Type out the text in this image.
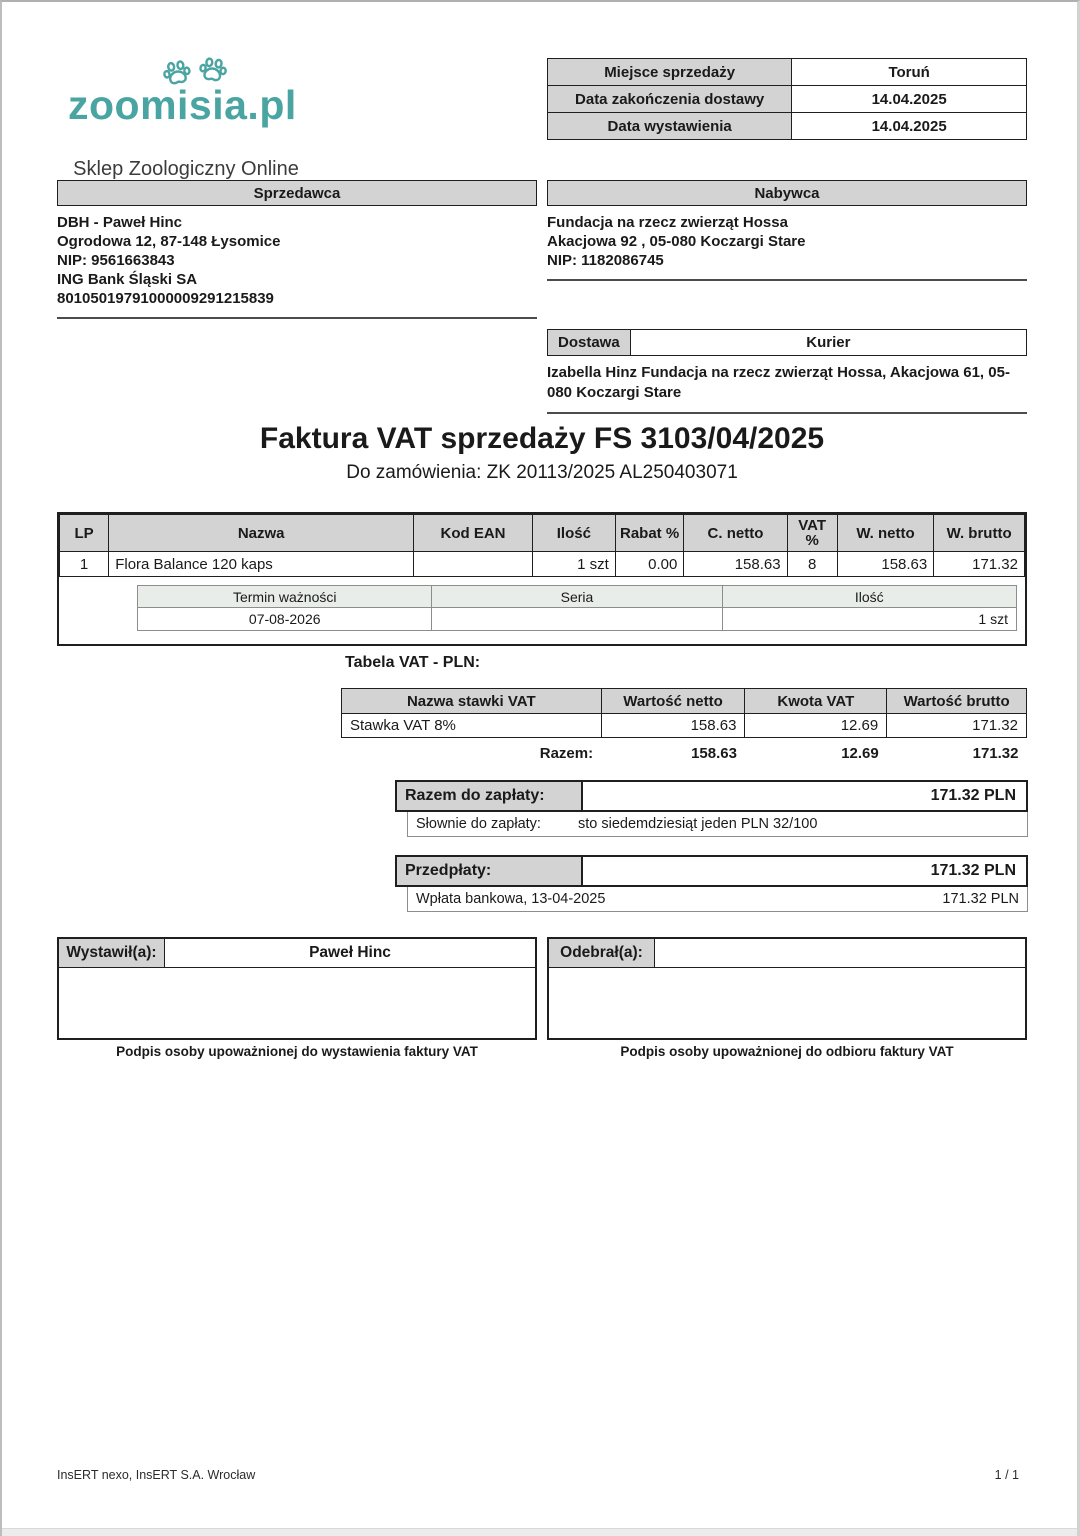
zoomisia.pl
Sklep Zoologiczny Online
Miejsce sprzedaży	Toruń
Data zakończenia dostawy	14.04.2025
Data wystawienia	14.04.2025
Sprzedawca
DBH - Paweł Hinc
Ogrodowa 12, 87-148 Łysomice
NIP: 9561663843
ING Bank Śląski SA
80105019791000009291215839
Nabywca
Fundacja na rzecz zwierząt Hossa
Akacjowa 92 , 05-080 Koczargi Stare
NIP: 1182086745
Dostawa	Kurier
Izabella Hinz Fundacja na rzecz zwierząt Hossa, Akacjowa 61, 05-080 Koczargi Stare
Faktura VAT sprzedaży FS 3103/04/2025
Do zamówienia: ZK 20113/2025 AL250403071
LP	Nazwa	Kod EAN	Ilość	Rabat %	C. netto	VAT %	W. netto	W. brutto
1	Flora Balance 120 kaps		1 szt	0.00	158.63	8	158.63	171.32
Termin ważności	Seria	Ilość
07-08-2026		1 szt
Tabela VAT - PLN:
Nazwa stawki VAT	Wartość netto	Kwota VAT	Wartość brutto
Stawka VAT 8%	158.63	12.69	171.32
Razem:	158.63	12.69	171.32
Razem do zapłaty:	171.32 PLN
Słownie do zapłaty:	sto siedemdziesiąt jeden PLN 32/100
Przedpłaty:	171.32 PLN
Wpłata bankowa, 13-04-2025	171.32 PLN
Wystawił(a):	Paweł Hinc
Podpis osoby upoważnionej do wystawienia faktury VAT
Odebrał(a):
Podpis osoby upoważnionej do odbioru faktury VAT
InsERT nexo, InsERT S.A. Wrocław	1 / 1
